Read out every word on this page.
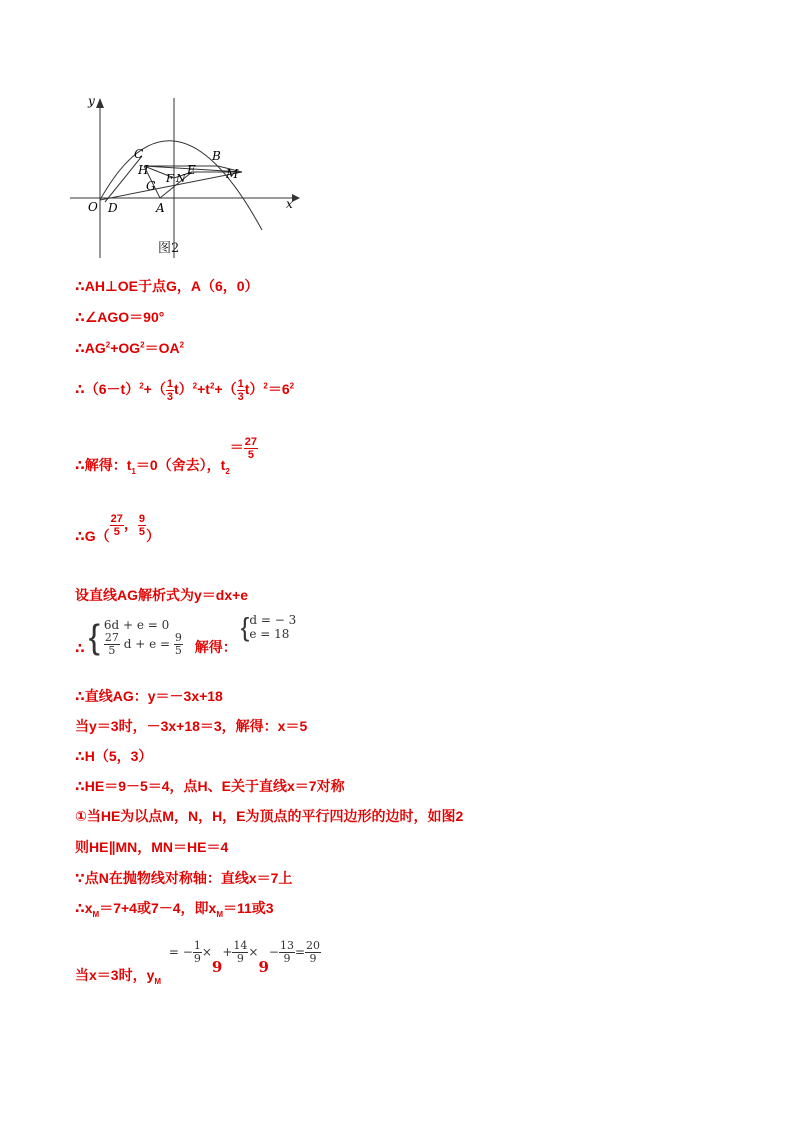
y
x
O D	A
C
H
G
F N
E
B
M
图2
∴AH⊥OE于点G，A（6，0）
∴∠AGO＝90°
$\therefore AG^2+OG^2=OA^2$
$\therefore(6-t)^2+( \frac{1}{3} t)^2+t^2+( \frac{1}{3} t)^2=6^2$
∴解得：$t_1=0$（舍去），$t_2= \frac{27}{5}$
∴G（ $\frac{27}{5}$ ， $\frac{9}{5}$ ）
设直线AG解析式为y＝dx+e
∴ { 6d + e = 0
$\frac{27}{5}$ $d + e = \frac{9}{5}$ 解得： { d = − 3
e = 18
∴直线AG：y＝－3x+18
当y＝3时，－3x+18＝3，解得：x＝5
∴H（5，3）
∴HE＝9－5＝4，点H、E关于直线x＝7对称
①当HE为以点M，N，H，E为顶点的平行四边形的边时，如图2
则HE∥MN，MN＝HE＝4
∵点N在抛物线对称轴：直线x＝7上
$\therefore x_M=7+4$或7－4，即$x_M=11$或3
当x＝3时，$y_M$ = − $\frac{1}{9} \times 9+ \frac{14}{9} \times 9- \frac{13}{9} = \frac{20}{9}$
